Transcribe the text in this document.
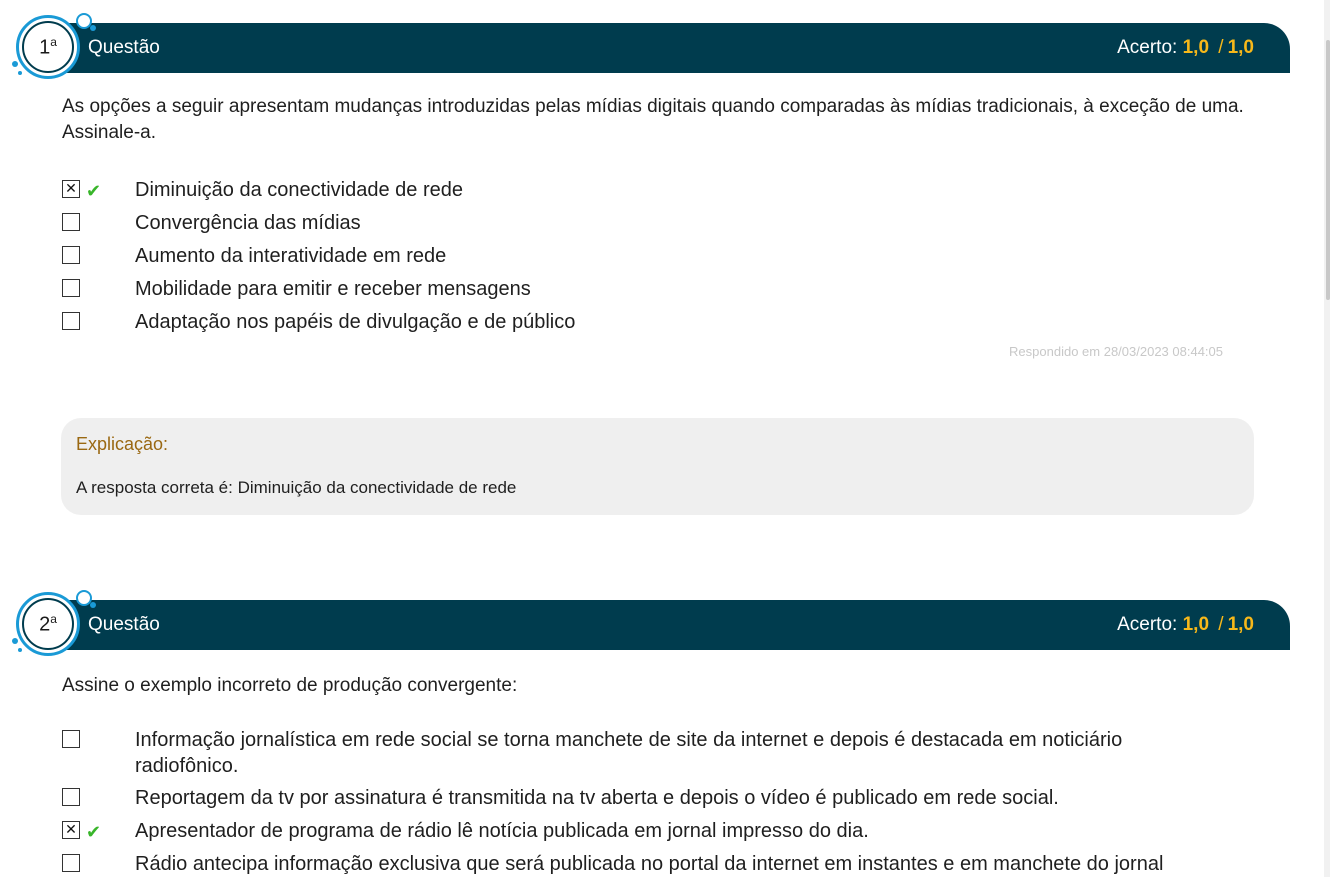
Questão	Acerto: 1,0 / 1,0
1$^a$
As opções a seguir apresentam mudanças introduzidas pelas mídias digitais quando comparadas às mídias tradicionais, à exceção de uma. Assinale-a.
✕ ✔ Diminuição da conectividade de rede
Convergência das mídias
Aumento da interatividade em rede
Mobilidade para emitir e receber mensagens
Adaptação nos papéis de divulgação e de público
Respondido em 28/03/2023 08:44:05
Explicação:
A resposta correta é: Diminuição da conectividade de rede
Questão	Acerto: 1,0 / 1,0
2$^a$
Assine o exemplo incorreto de produção convergente:
Informação jornalística em rede social se torna manchete de site da internet e depois é destacada em noticiário radiofônico.
Reportagem da tv por assinatura é transmitida na tv aberta e depois o vídeo é publicado em rede social.
✕ ✔ Apresentador de programa de rádio lê notícia publicada em jornal impresso do dia.
Rádio antecipa informação exclusiva que será publicada no portal da internet em instantes e em manchete do jornal
